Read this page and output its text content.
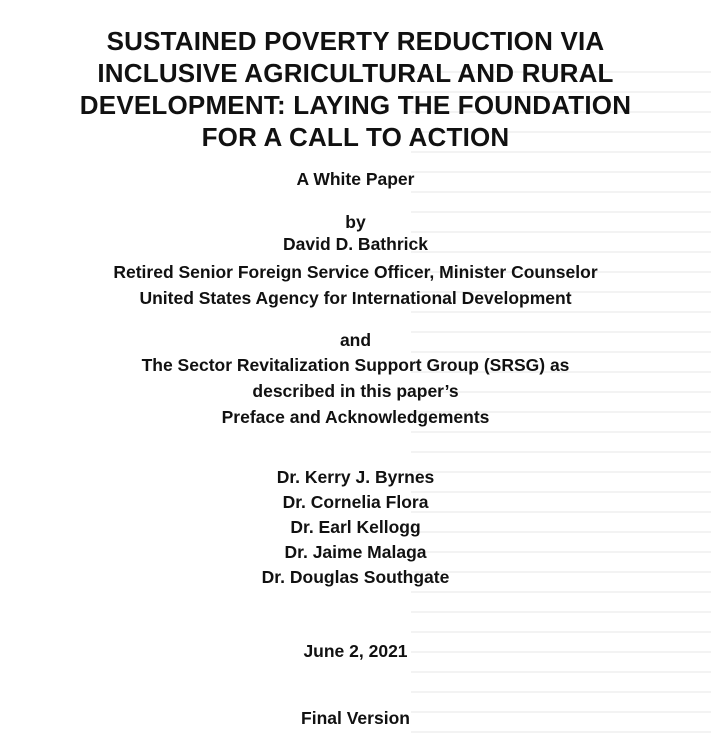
SUSTAINED POVERTY REDUCTION VIA
INCLUSIVE AGRICULTURAL AND RURAL
DEVELOPMENT: LAYING THE FOUNDATION
FOR A CALL TO ACTION
A White Paper
by
David D. Bathrick
Retired Senior Foreign Service Officer, Minister Counselor
United States Agency for International Development
and
The Sector Revitalization Support Group (SRSG) as
described in this paper’s
Preface and Acknowledgements
Dr. Kerry J. Byrnes
Dr. Cornelia Flora
Dr. Earl Kellogg
Dr. Jaime Malaga
Dr. Douglas Southgate
June 2, 2021
Final Version
